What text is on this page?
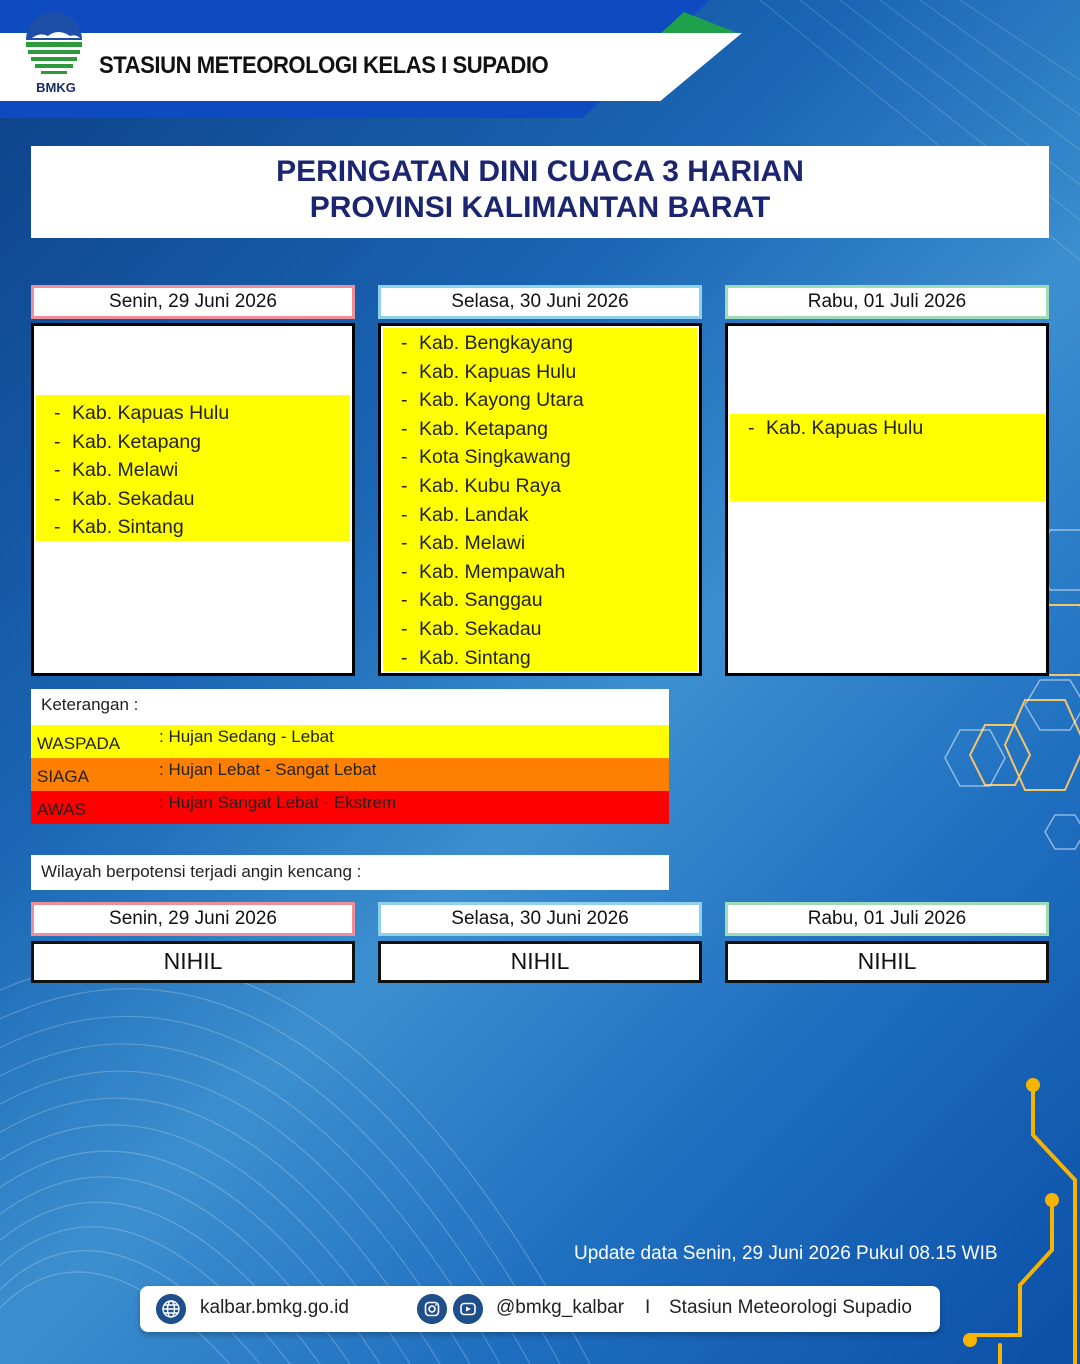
BMKG
STASIUN METEOROLOGI KELAS I SUPADIO
PERINGATAN DINI CUACA 3 HARIAN
PROVINSI KALIMANTAN BARAT
Senin, 29 Juni 2026
- Kab. Kapuas Hulu
- Kab. Ketapang
- Kab. Melawi
- Kab. Sekadau
- Kab. Sintang
Selasa, 30 Juni 2026
- Kab. Bengkayang
- Kab. Kapuas Hulu
- Kab. Kayong Utara
- Kab. Ketapang
- Kota Singkawang
- Kab. Kubu Raya
- Kab. Landak
- Kab. Melawi
- Kab. Mempawah
- Kab. Sanggau
- Kab. Sekadau
- Kab. Sintang
Rabu, 01 Juli 2026
- Kab. Kapuas Hulu
Keterangan :
WASPADA : Hujan Sedang - Lebat
SIAGA	: Hujan Lebat - Sangat Lebat
AWAS	: Hujan Sangat Lebat - Ekstrem
Wilayah berpotensi terjadi angin kencang :
Senin, 29 Juni 2026	Selasa, 30 Juni 2026	Rabu, 01 Juli 2026
NIHIL	NIHIL	NIHIL
Update data Senin, 29 Juni 2026 Pukul 08.15 WIB
kalbar.bmkg.go.id	@bmkg_kalbar I Stasiun Meteorologi Supadio
